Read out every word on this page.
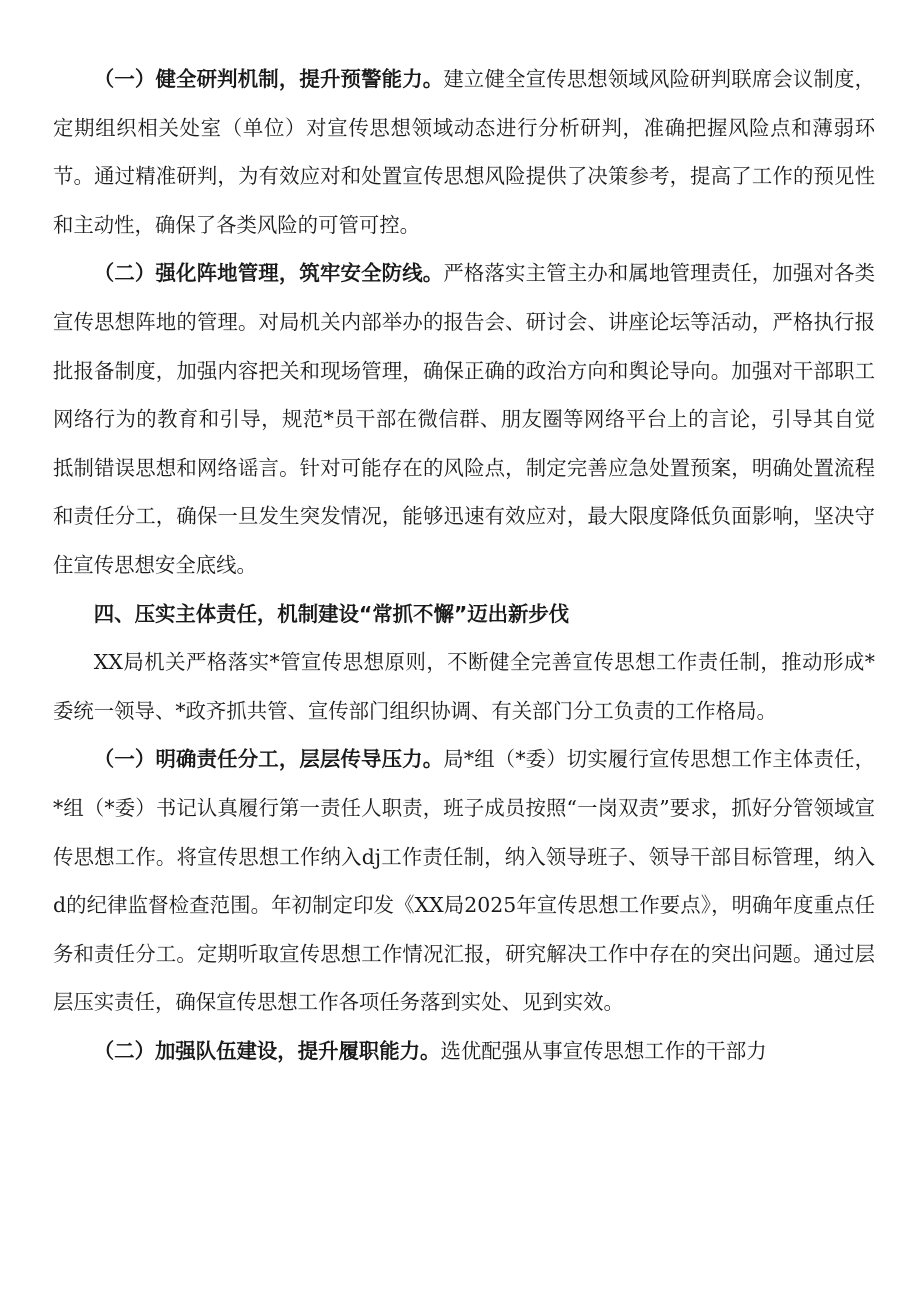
（一）健全研判机制，提升预警能力。建立健全宣传思想领域风险研判联席会议制度，定期组织相关处室（单位）对宣传思想领域动态进行分析研判，准确把握风险点和薄弱环节。通过精准研判，为有效应对和处置宣传思想风险提供了决策参考，提高了工作的预见性和主动性，确保了各类风险的可管可控。

（二）强化阵地管理，筑牢安全防线。严格落实主管主办和属地管理责任，加强对各类宣传思想阵地的管理。对局机关内部举办的报告会、研讨会、讲座论坛等活动，严格执行报批报备制度，加强内容把关和现场管理，确保正确的政治方向和舆论导向。加强对干部职工网络行为的教育和引导，规范*员干部在微信群、朋友圈等网络平台上的言论，引导其自觉抵制错误思想和网络谣言。针对可能存在的风险点，制定完善应急处置预案，明确处置流程和责任分工，确保一旦发生突发情况，能够迅速有效应对，最大限度降低负面影响，坚决守住宣传思想安全底线。

四、压实主体责任，机制建设“常抓不懈”迈出新步伐

XX局机关严格落实*管宣传思想原则，不断健全完善宣传思想工作责任制，推动形成*委统一领导、*政齐抓共管、宣传部门组织协调、有关部门分工负责的工作格局。

（一）明确责任分工，层层传导压力。局*组（*委）切实履行宣传思想工作主体责任，*组（*委）书记认真履行第一责任人职责，班子成员按照“一岗双责”要求，抓好分管领域宣传思想工作。将宣传思想工作纳入dj工作责任制，纳入领导班子、领导干部目标管理，纳入d的纪律监督检查范围。年初制定印发《XX局2025年宣传思想工作要点》，明确年度重点任务和责任分工。定期听取宣传思想工作情况汇报，研究解决工作中存在的突出问题。通过层层压实责任，确保宣传思想工作各项任务落到实处、见到实效。

（二）加强队伍建设，提升履职能力。选优配强从事宣传思想工作的干部力
